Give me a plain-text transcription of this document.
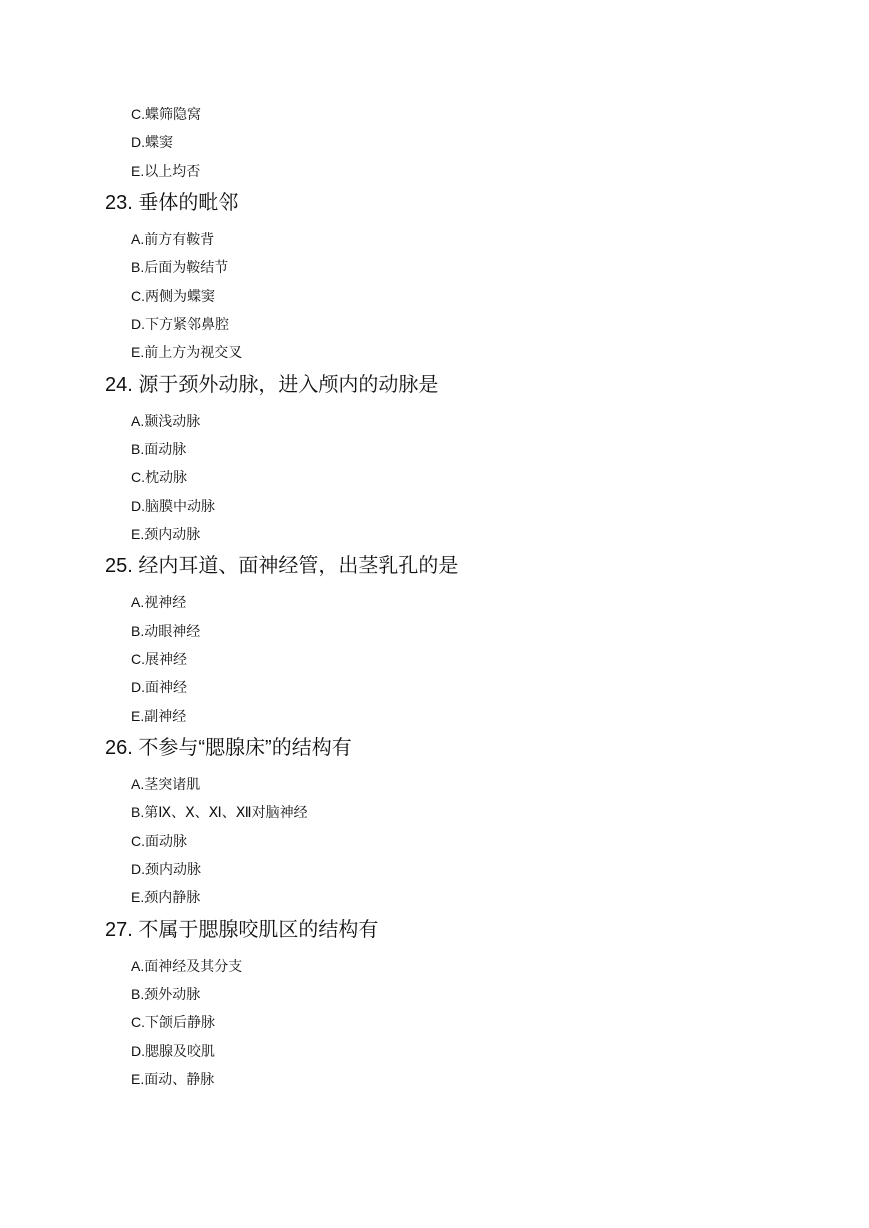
C.蝶筛隐窝
D.蝶窦
E.以上均否
23. 垂体的毗邻
A.前方有鞍背
B.后面为鞍结节
C.两侧为蝶窦
D.下方紧邻鼻腔
E.前上方为视交叉
24. 源于颈外动脉，进入颅内的动脉是
A.颞浅动脉
B.面动脉
C.枕动脉
D.脑膜中动脉
E.颈内动脉
25. 经内耳道、面神经管，出茎乳孔的是
A.视神经
B.动眼神经
C.展神经
D.面神经
E.副神经
26. 不参与“腮腺床”的结构有
A.茎突诸肌
B.第Ⅸ、Ⅹ、Ⅺ、Ⅻ对脑神经
C.面动脉
D.颈内动脉
E.颈内静脉
27. 不属于腮腺咬肌区的结构有
A.面神经及其分支
B.颈外动脉
C.下颌后静脉
D.腮腺及咬肌
E.面动、静脉
